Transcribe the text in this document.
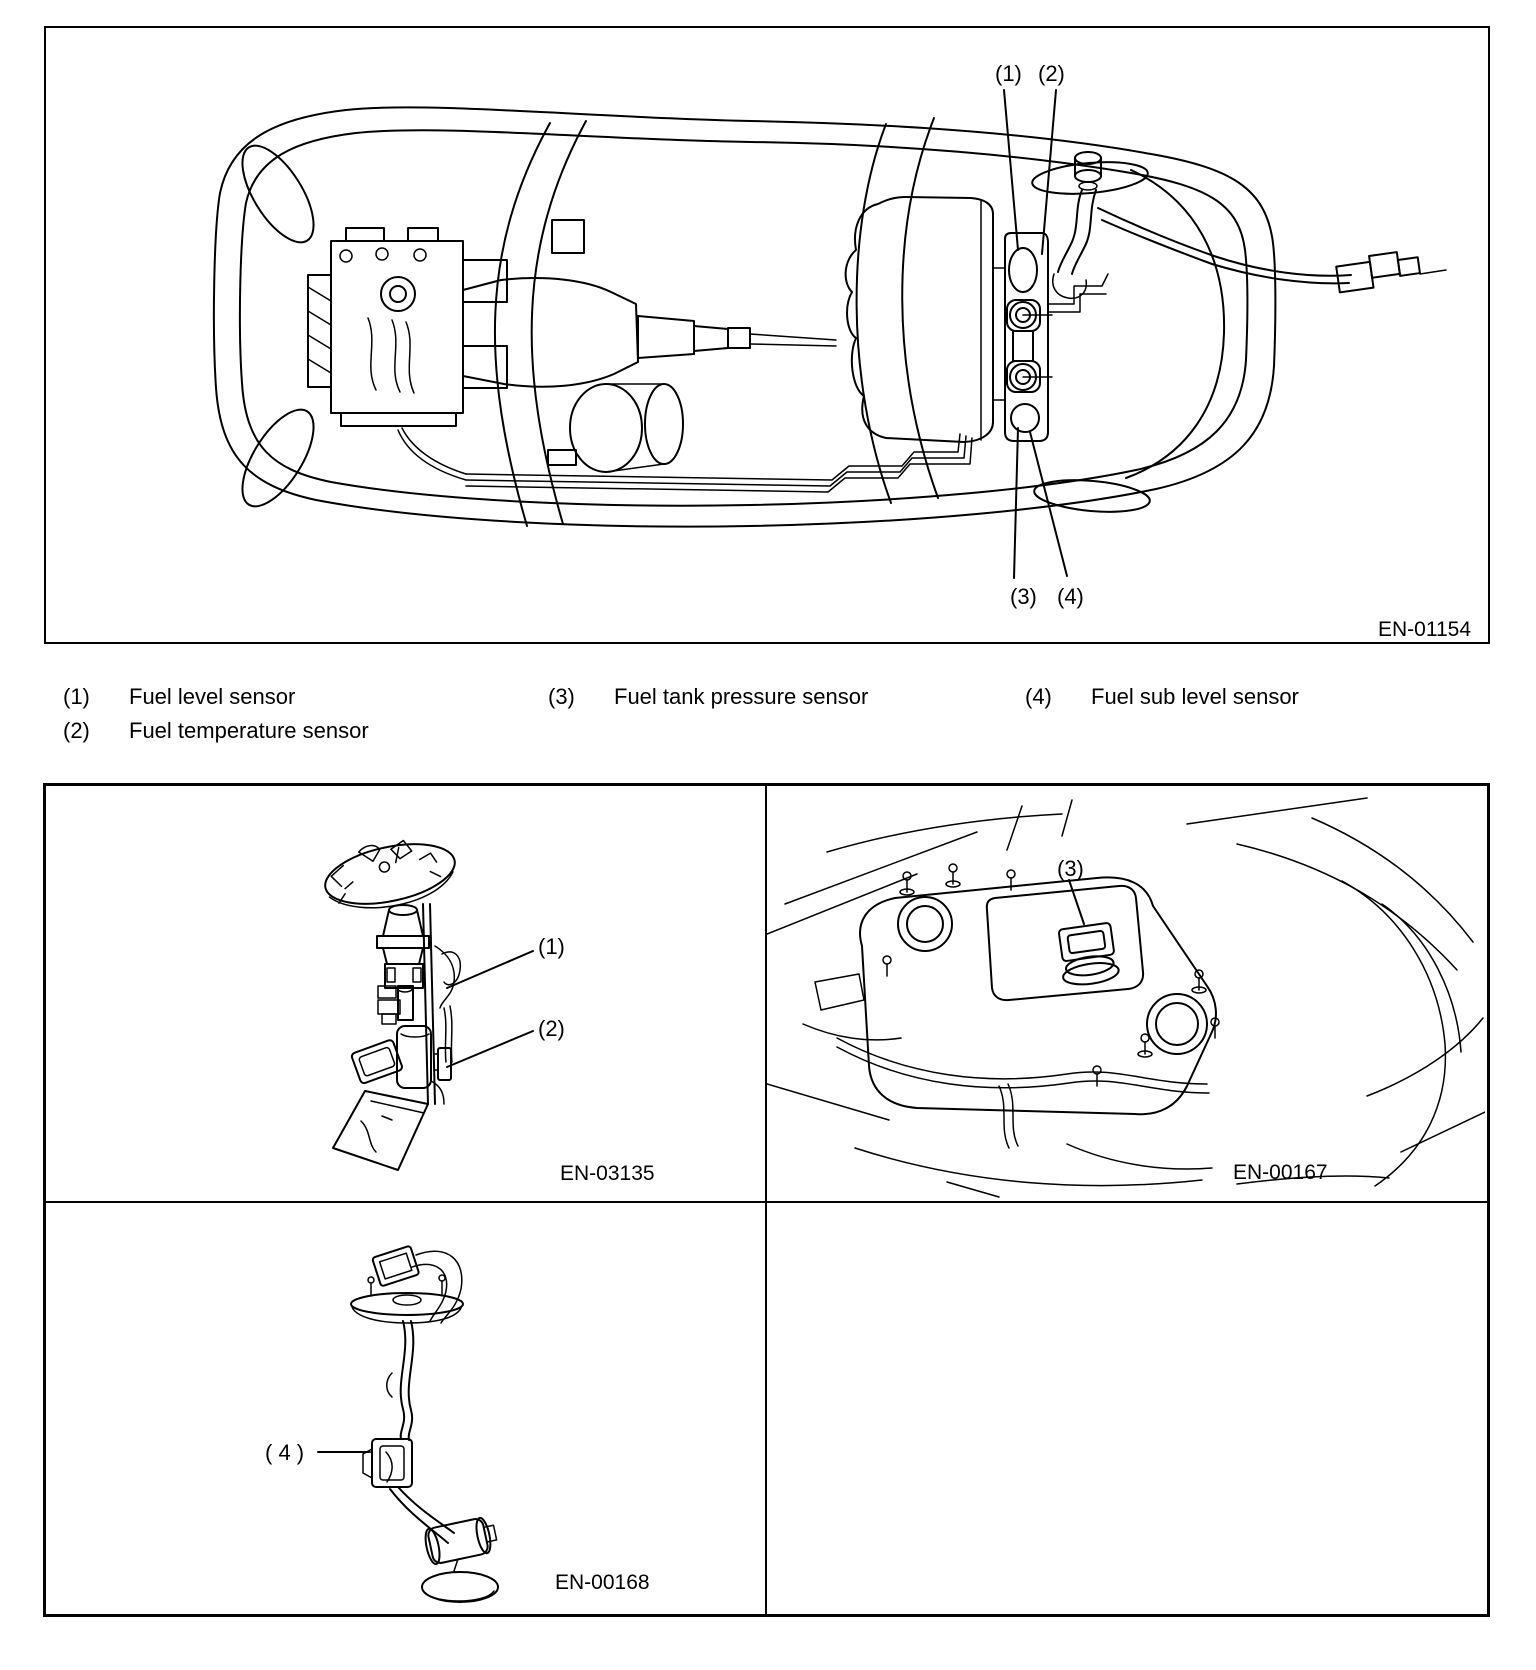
(1) (2)
(3) (4)
EN-01154
(1) Fuel level sensor
(2) Fuel temperature sensor
(3) Fuel tank pressure sensor	(4) Fuel sub level sensor
(1)
(2)
EN-03135
(3)
EN-00167
( 4 )
EN-00168
